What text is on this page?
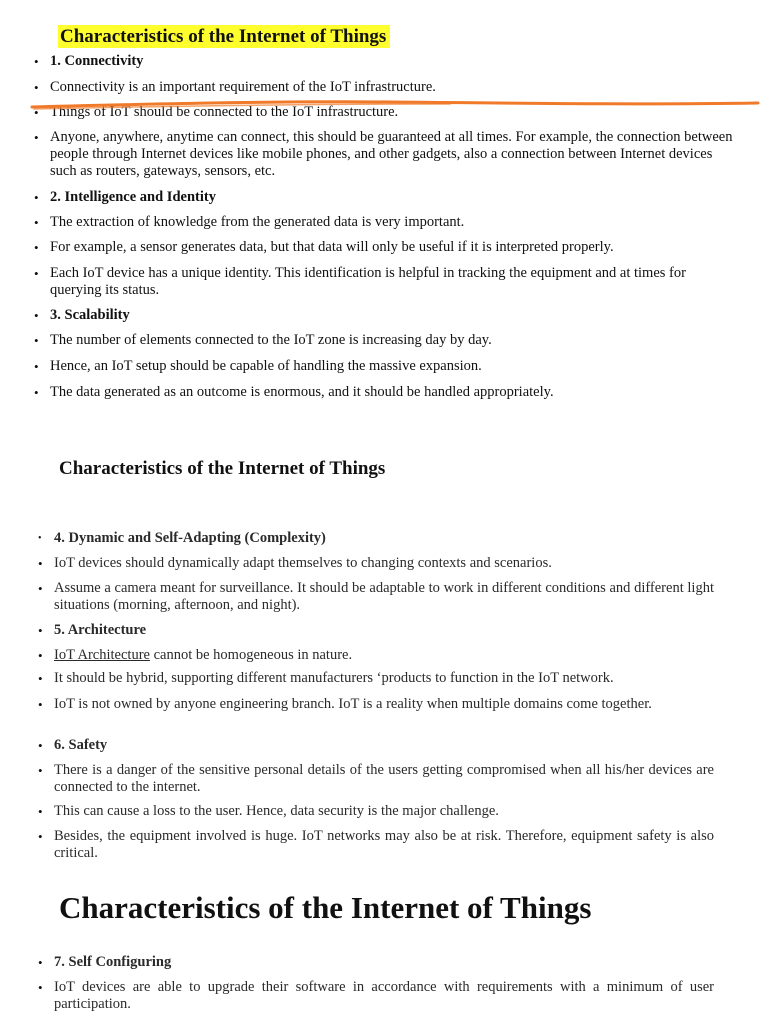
Characteristics of the Internet of Things
• 1. Connectivity
• Connectivity is an important requirement of the IoT infrastructure.
• Things of IoT should be connected to the IoT infrastructure.
• Anyone, anywhere, anytime can connect, this should be guaranteed at all times. For example, the connection between people through Internet devices like mobile phones, and other gadgets, also a connection between Internet devices such as routers, gateways, sensors, etc.
• 2. Intelligence and Identity
• The extraction of knowledge from the generated data is very important.
• For example, a sensor generates data, but that data will only be useful if it is interpreted properly.
• Each IoT device has a unique identity. This identification is helpful in tracking the equipment and at times for querying its status.
• 3. Scalability
• The number of elements connected to the IoT zone is increasing day by day.
• Hence, an IoT setup should be capable of handling the massive expansion.
• The data generated as an outcome is enormous, and it should be handled appropriately.
Characteristics of the Internet of Things
• 4. Dynamic and Self-Adapting (Complexity)
• IoT devices should dynamically adapt themselves to changing contexts and scenarios.
• Assume a camera meant for surveillance. It should be adaptable to work in different conditions and different light situations (morning, afternoon, and night).
• 5. Architecture
• IoT Architecture cannot be homogeneous in nature.
• It should be hybrid, supporting different manufacturers ‘products to function in the IoT network.
• IoT is not owned by anyone engineering branch. IoT is a reality when multiple domains come together.
• 6. Safety
• There is a danger of the sensitive personal details of the users getting compromised when all his/her devices are connected to the internet.
• This can cause a loss to the user. Hence, data security is the major challenge.
• Besides, the equipment involved is huge. IoT networks may also be at risk. Therefore, equipment safety is also critical.
Characteristics of the Internet of Things
• 7. Self Configuring
• IoT devices are able to upgrade their software in accordance with requirements with a minimum of user participation.
